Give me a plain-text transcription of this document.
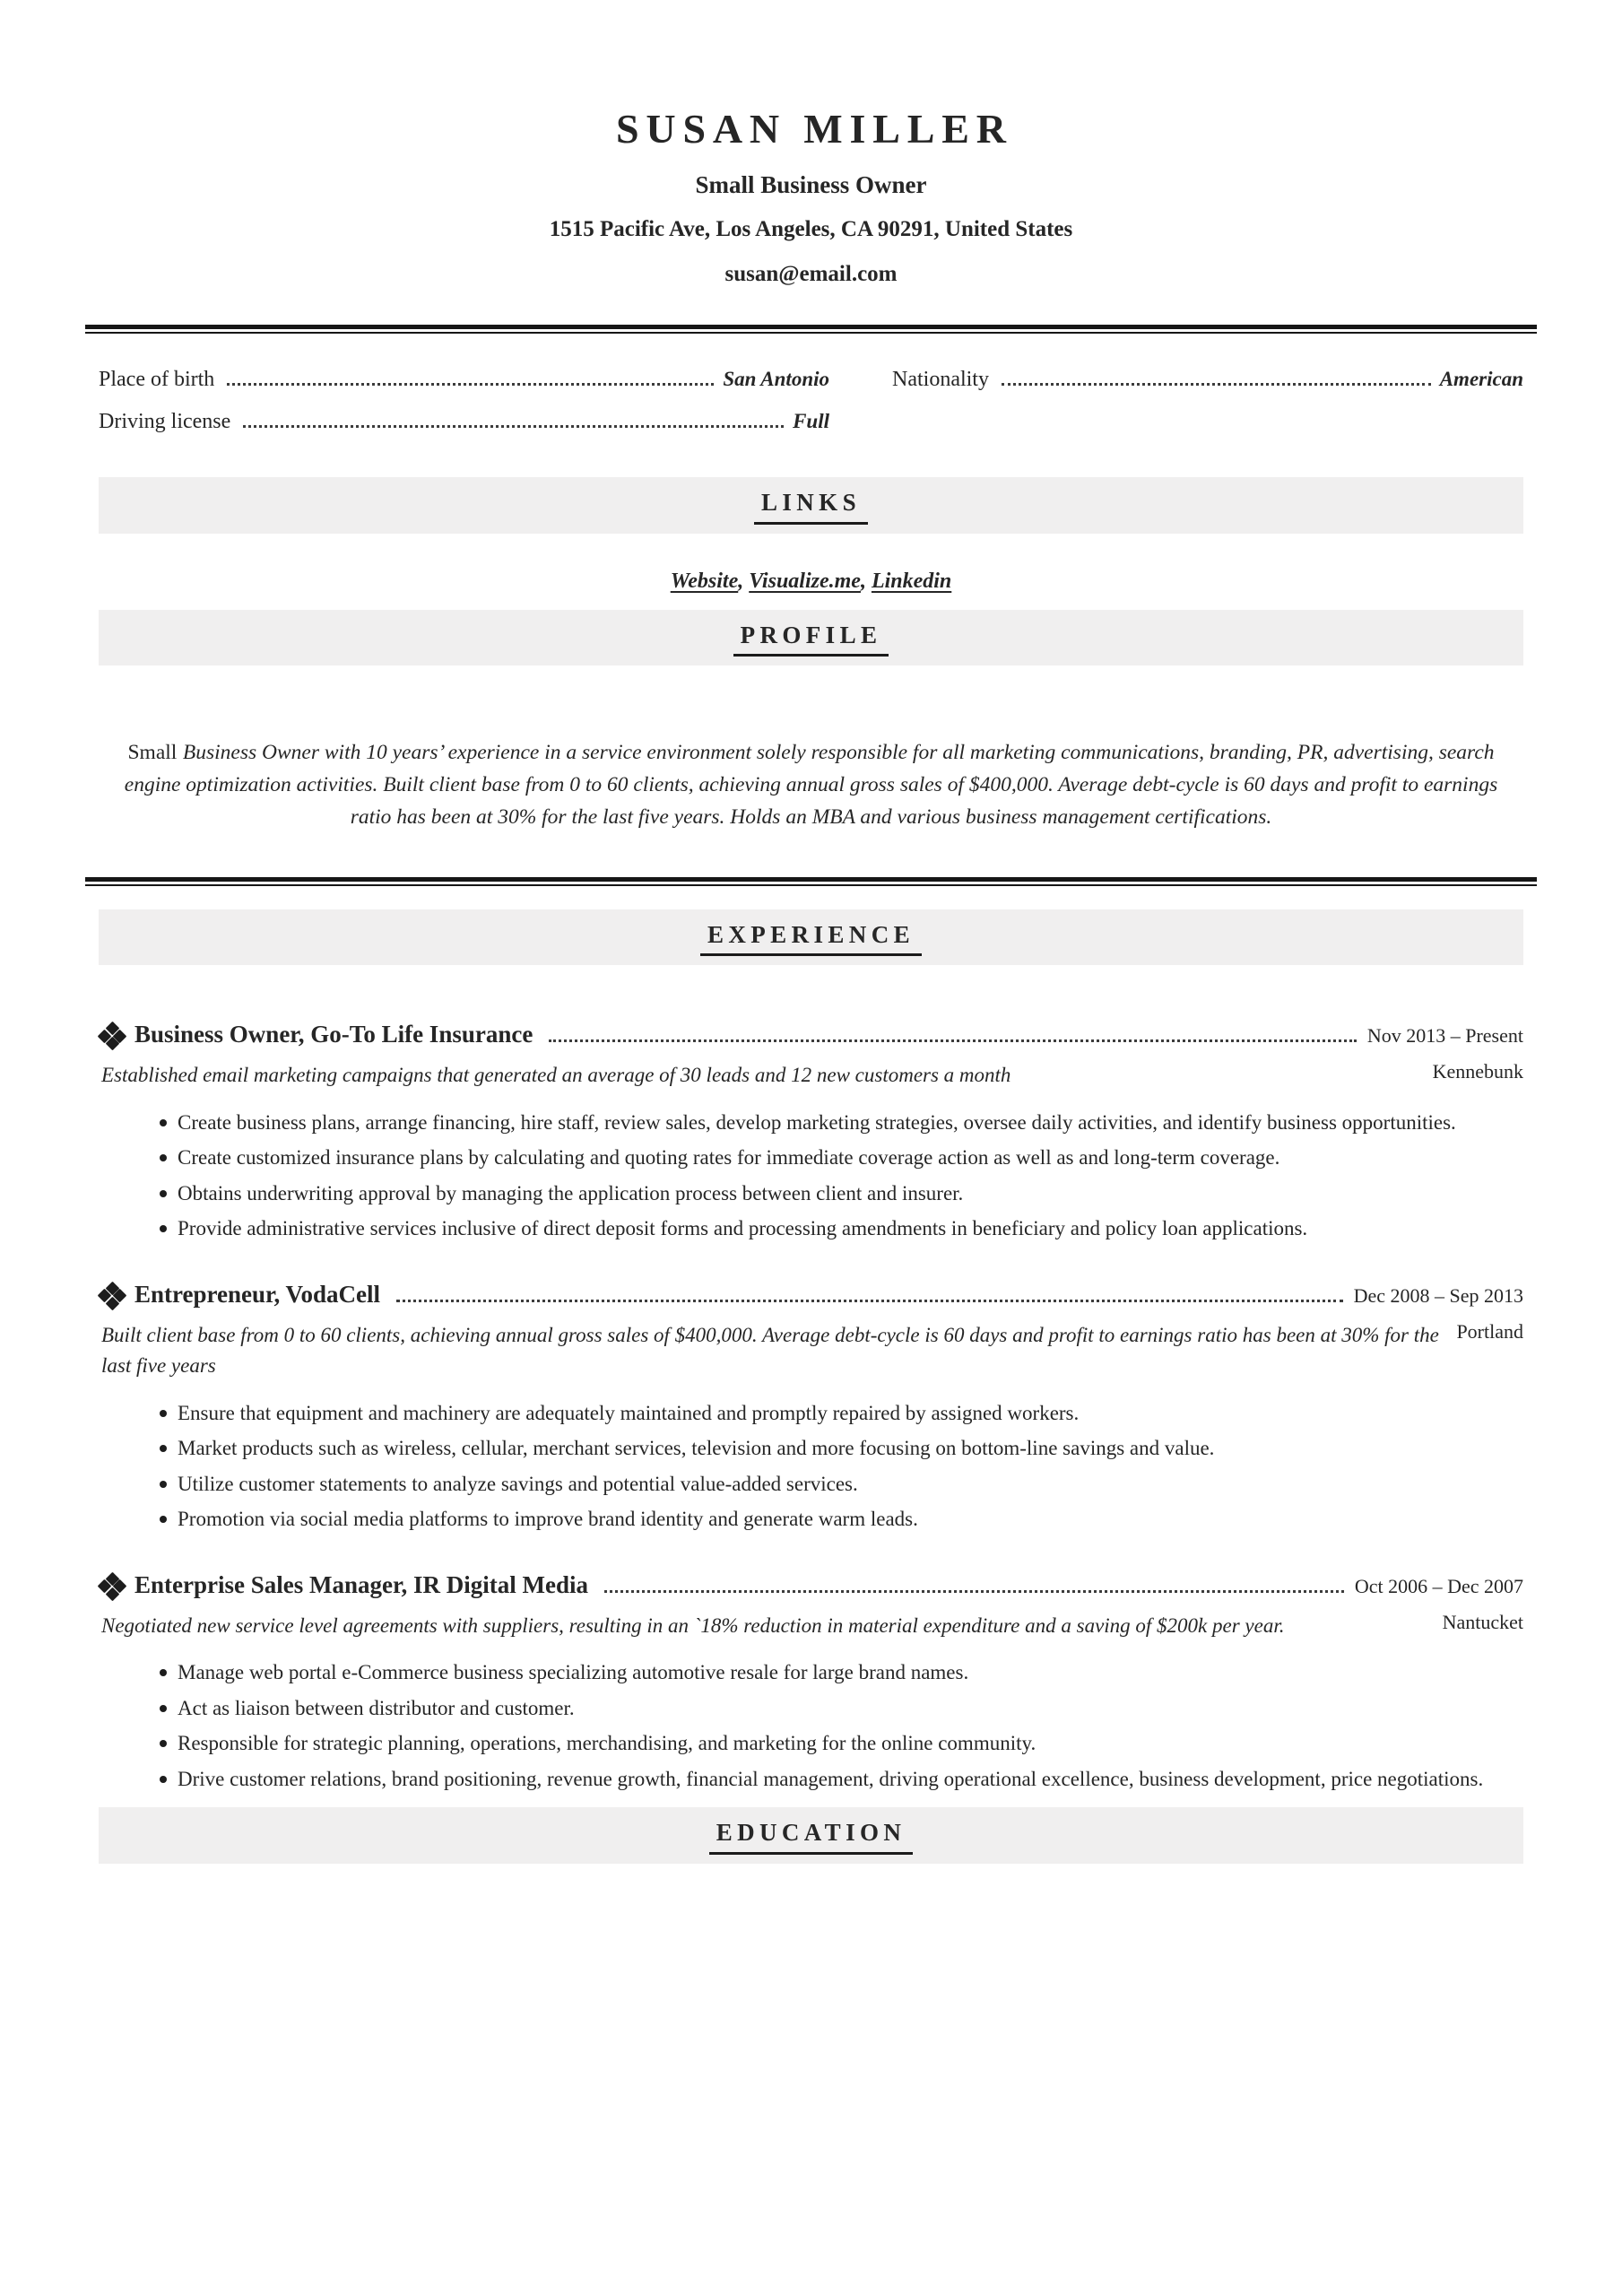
SUSAN MILLER

Small Business Owner

1515 Pacific Ave, Los Angeles, CA 90291, United States

susan@email.com

Place of birth	San Antonio	Nationality	American
Driving license	Full
LINKS

Website, Visualize.me, Linkedin

PROFILE

Small Business Owner with 10 years’ experience in a service environment solely responsible for all marketing communications, branding, PR, advertising, search engine optimization activities. Built client base from 0 to 60 clients, achieving annual gross sales of $400,000. Average debt-cycle is 60 days and profit to earnings ratio has been at 30% for the last five years. Holds an MBA and various business management certifications.

EXPERIENCE
Business Owner, Go-To Life Insurance	Nov 2013 – Present
Kennebunk

Established email marketing campaigns that generated an average of 30 leads and 12 new customers a month

Create business plans, arrange financing, hire staff, review sales, develop marketing strategies, oversee daily activities, and identify business opportunities.
Create customized insurance plans by calculating and quoting rates for immediate coverage action as well as and long-term coverage.
Obtains underwriting approval by managing the application process between client and insurer.
Provide administrative services inclusive of direct deposit forms and processing amendments in beneficiary and policy loan applications.
Entrepreneur, VodaCell	Dec 2008 – Sep 2013
Portland

Built client base from 0 to 60 clients, achieving annual gross sales of $400,000. Average debt-cycle is 60 days and profit to earnings ratio has been at 30% for the last five years

Ensure that equipment and machinery are adequately maintained and promptly repaired by assigned workers.
Market products such as wireless, cellular, merchant services, television and more focusing on bottom-line savings and value.
Utilize customer statements to analyze savings and potential value-added services.
Promotion via social media platforms to improve brand identity and generate warm leads.
Enterprise Sales Manager, IR Digital Media	Oct 2006 – Dec 2007
Nantucket

Negotiated new service level agreements with suppliers, resulting in an `18% reduction in material expenditure and a saving of $200k per year.

Manage web portal e-Commerce business specializing automotive resale for large brand names.
Act as liaison between distributor and customer.
Responsible for strategic planning, operations, merchandising, and marketing for the online community.
Drive customer relations, brand positioning, revenue growth, financial management, driving operational excellence, business development, price negotiations.
EDUCATION
